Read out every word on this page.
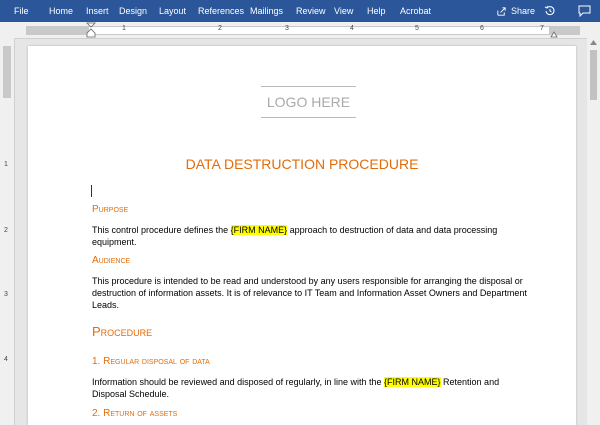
File Home Insert Design Layout References Mailings Review View Help Acrobat	Share
1	2	3	4	5	6	7
1
2
3
4
LOGO HERE
DATA DESTRUCTION PROCEDURE
Purpose
This control procedure defines the {FIRM NAME} approach to destruction of data and data processing equipment.
Audience
This procedure is intended to be read and understood by any users responsible for arranging the disposal or destruction of information assets. It is of relevance to IT Team and Information Asset Owners and Department Leads.
Procedure
1. Regular disposal of data
Information should be reviewed and disposed of regularly, in line with the {FIRM NAME} Retention and Disposal Schedule.
2. Return of assets
